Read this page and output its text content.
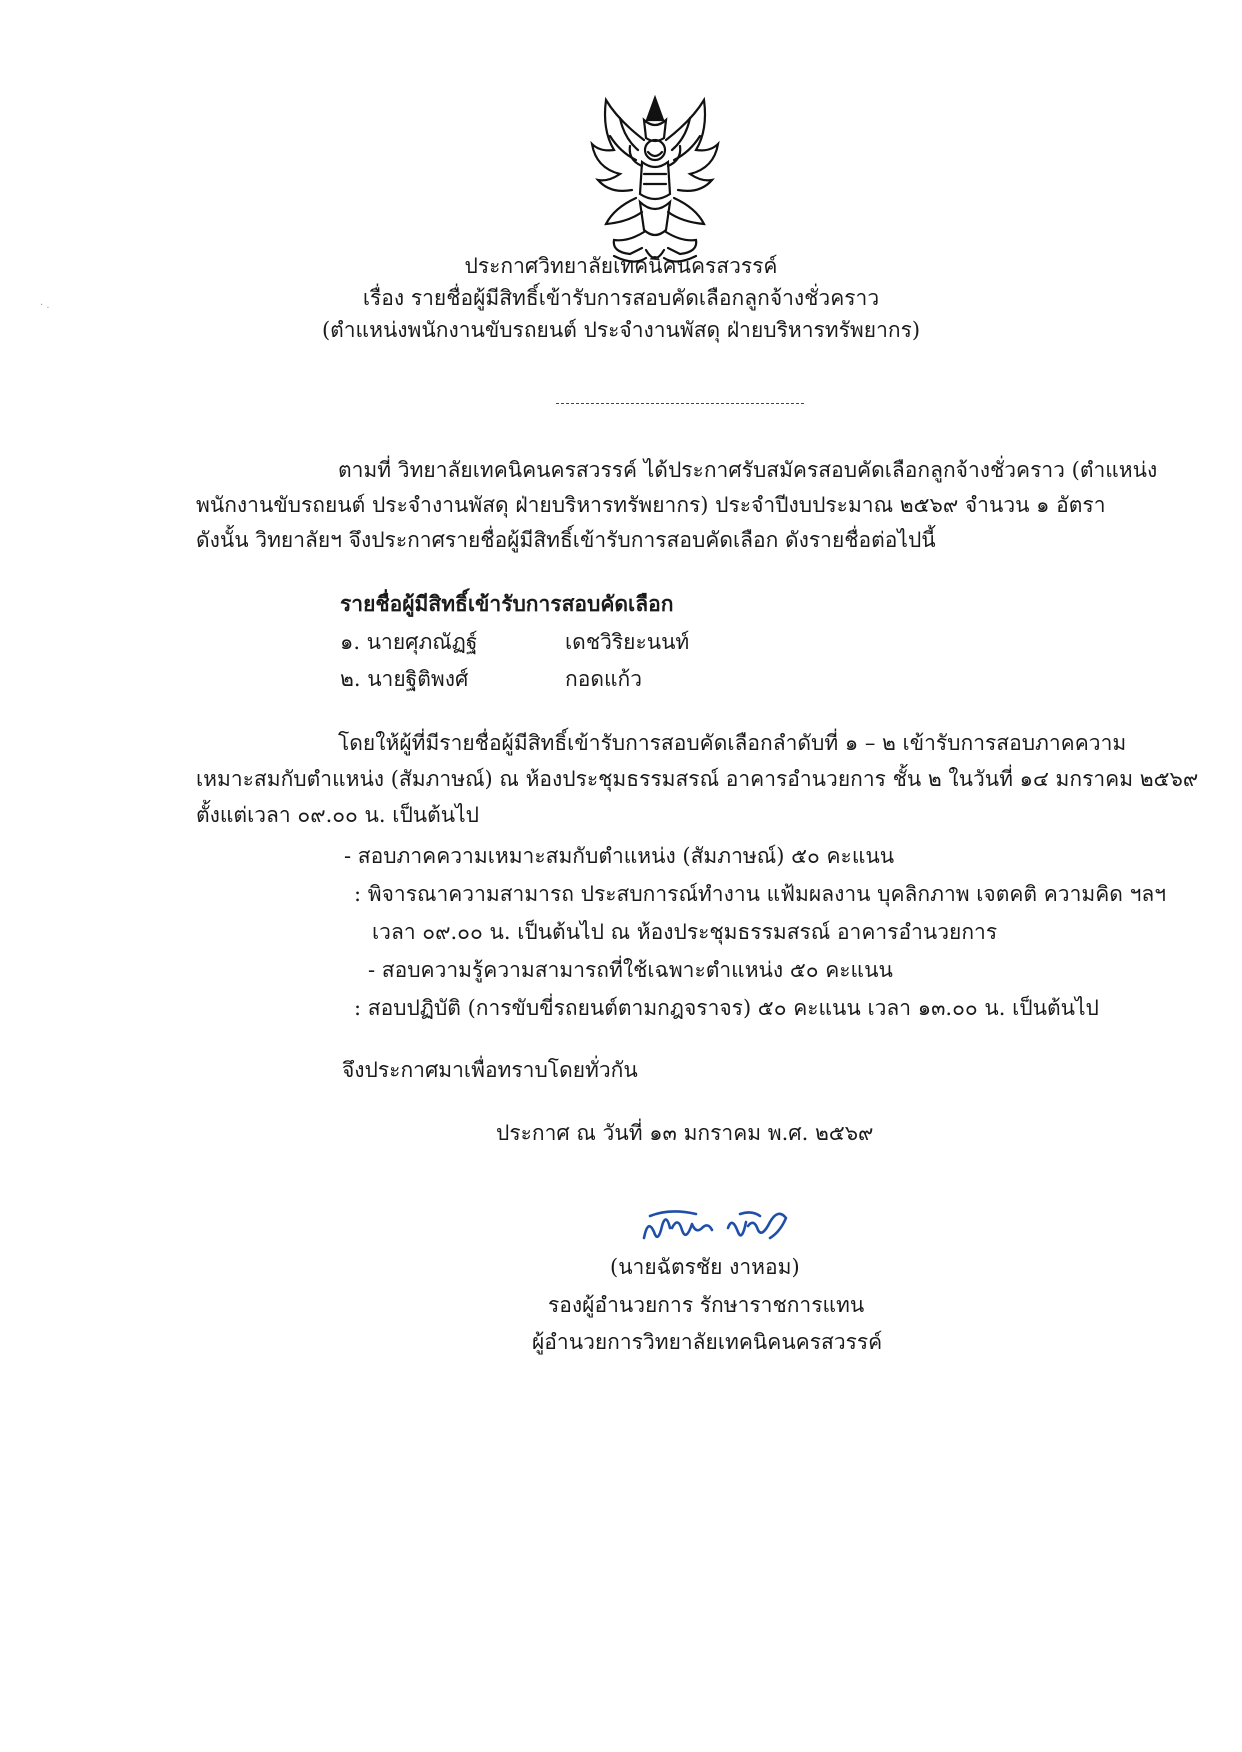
ประกาศวิทยาลัยเทคนิคนครสวรรค์
เรื่อง รายชื่อผู้มีสิทธิ์เข้ารับการสอบคัดเลือกลูกจ้างชั่วคราว
(ตำแหน่งพนักงานขับรถยนต์ ประจำงานพัสดุ ฝ่ายบริหารทรัพยากร)
ตามที่ วิทยาลัยเทคนิคนครสวรรค์ ได้ประกาศรับสมัครสอบคัดเลือกลูกจ้างชั่วคราว (ตำแหน่ง
พนักงานขับรถยนต์ ประจำงานพัสดุ ฝ่ายบริหารทรัพยากร) ประจำปีงบประมาณ ๒๕๖๙ จำนวน ๑ อัตรา
ดังนั้น วิทยาลัยฯ จึงประกาศรายชื่อผู้มีสิทธิ์เข้ารับการสอบคัดเลือก ดังรายชื่อต่อไปนี้
รายชื่อผู้มีสิทธิ์เข้ารับการสอบคัดเลือก
๑. นายศุภณัฏฐ์	เดชวิริยะนนท์
๒. นายฐิติพงศ์	กอดแก้ว
โดยให้ผู้ที่มีรายชื่อผู้มีสิทธิ์เข้ารับการสอบคัดเลือกลำดับที่ ๑ – ๒ เข้ารับการสอบภาคความ
เหมาะสมกับตำแหน่ง (สัมภาษณ์) ณ ห้องประชุมธรรมสรณ์ อาคารอำนวยการ ชั้น ๒ ในวันที่ ๑๔ มกราคม ๒๕๖๙
ตั้งแต่เวลา ๐๙.๐๐ น. เป็นต้นไป
- สอบภาคความเหมาะสมกับตำแหน่ง (สัมภาษณ์) ๕๐ คะแนน
: พิจารณาความสามารถ ประสบการณ์ทำงาน แฟ้มผลงาน บุคลิกภาพ เจตคติ ความคิด ฯลฯ
เวลา ๐๙.๐๐ น. เป็นต้นไป ณ ห้องประชุมธรรมสรณ์ อาคารอำนวยการ
- สอบความรู้ความสามารถที่ใช้เฉพาะตำแหน่ง ๕๐ คะแนน
: สอบปฏิบัติ (การขับขี่รถยนต์ตามกฎจราจร) ๕๐ คะแนน เวลา ๑๓.๐๐ น. เป็นต้นไป
จึงประกาศมาเพื่อทราบโดยทั่วกัน
ประกาศ ณ วันที่ ๑๓ มกราคม พ.ศ. ๒๕๖๙
(นายฉัตรชัย งาหอม)
รองผู้อำนวยการ รักษาราชการแทน
ผู้อำนวยการวิทยาลัยเทคนิคนครสวรรค์
· .
